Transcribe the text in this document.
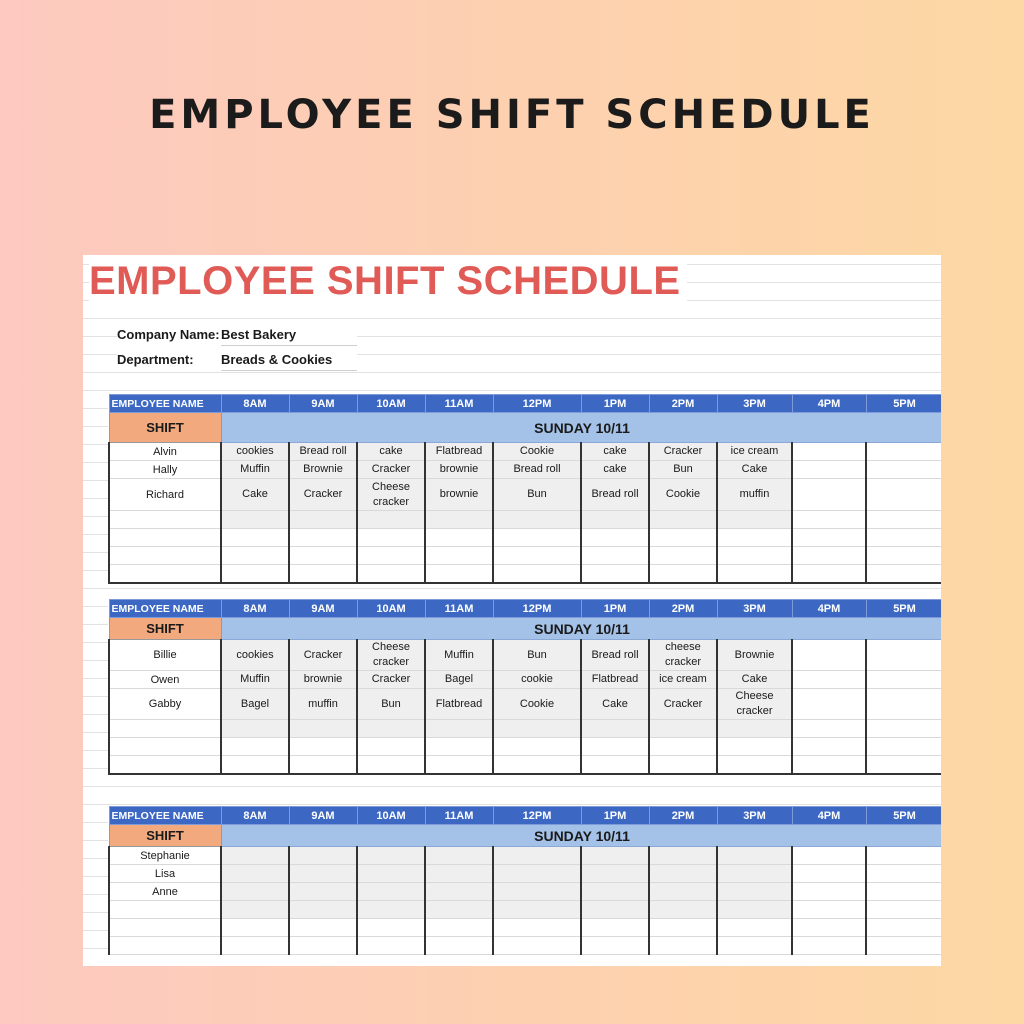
EMPLOYEE SHIFT SCHEDULE
EMPLOYEE SHIFT SCHEDULE
Company Name:Best Bakery
Department: Breads & Cookies
EMPLOYEE NAME	8AM	9AM	10AM	11AM	12PM	1PM	2PM	3PM	4PM	5PM
SHIFT	SUNDAY 10/11									
Alvin	cookies	Bread roll	cake	Flatbread	Cookie	cake	Cracker	ice cream		
Hally	Muffin	Brownie	Cracker	brownie	Bread roll	cake	Bun	Cake		
Richard	Cake	Cracker	Cheese cracker	brownie	Bun	Bread roll	Cookie	muffin		

EMPLOYEE NAME	8AM	9AM	10AM	11AM	12PM	1PM	2PM	3PM	4PM	5PM
SHIFT	SUNDAY 10/11									
Billie	cookies	Cracker	Cheese cracker	Muffin	Bun	Bread roll	cheese cracker	Brownie		
Owen	Muffin	brownie	Cracker	Bagel	cookie	Flatbread	ice cream	Cake		
Gabby	Bagel	muffin	Bun	Flatbread	Cookie	Cake	Cracker	Cheese cracker		

EMPLOYEE NAME	8AM	9AM	10AM	11AM	12PM	1PM	2PM	3PM	4PM	5PM
SHIFT	SUNDAY 10/11									
Stephanie										
Lisa										
Anne										
